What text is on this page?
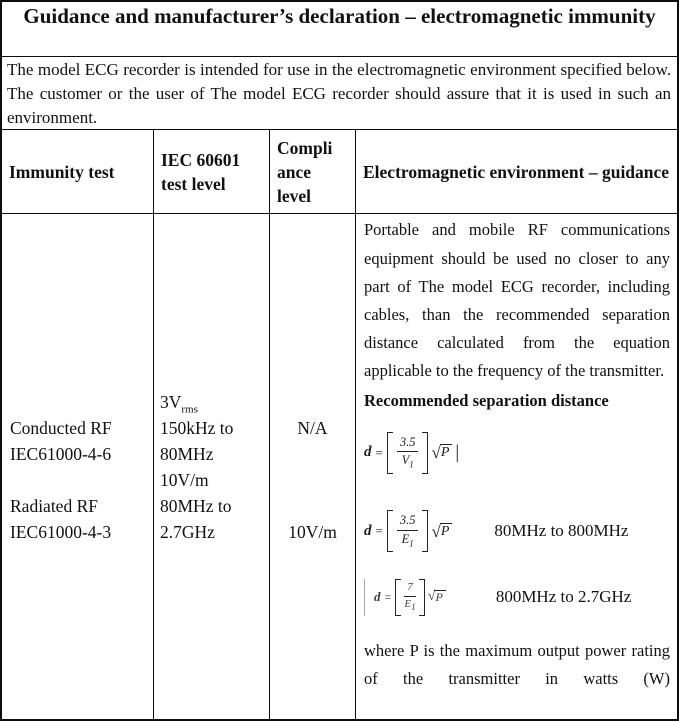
Guidance and manufacturer’s declaration – electromagnetic immunity
The model ECG recorder is intended for use in the electromagnetic environment specified below. The customer or the user of The model ECG recorder should assure that it is used in such an environment.
Immunity test
IEC 60601
test level
Compli
ance
level
Electromagnetic environment – guidance
Conducted RF
IEC61000-4-6
Radiated RF
IEC61000-4-3
$3V_{rms}$
150kHz to
80MHz
10V/m
80MHz to
2.7GHz
N/A
10V/m
Portable and mobile RF communications equipment should be used no closer to any part of The model ECG recorder, including cables, than the recommended separation distance calculated from the equation applicable to the frequency of the transmitter.
Recommended separation distance
$d = \frac{3.5}{V_1}$ √ P |
$d = \frac{3.5}{E_1}$ √ P	80MHz to 800MHz
$d = \frac{7}{E_1}$ √ P	800MHz to 2.7GHz
where P is the maximum output power rating of the transmitter in watts (W)
